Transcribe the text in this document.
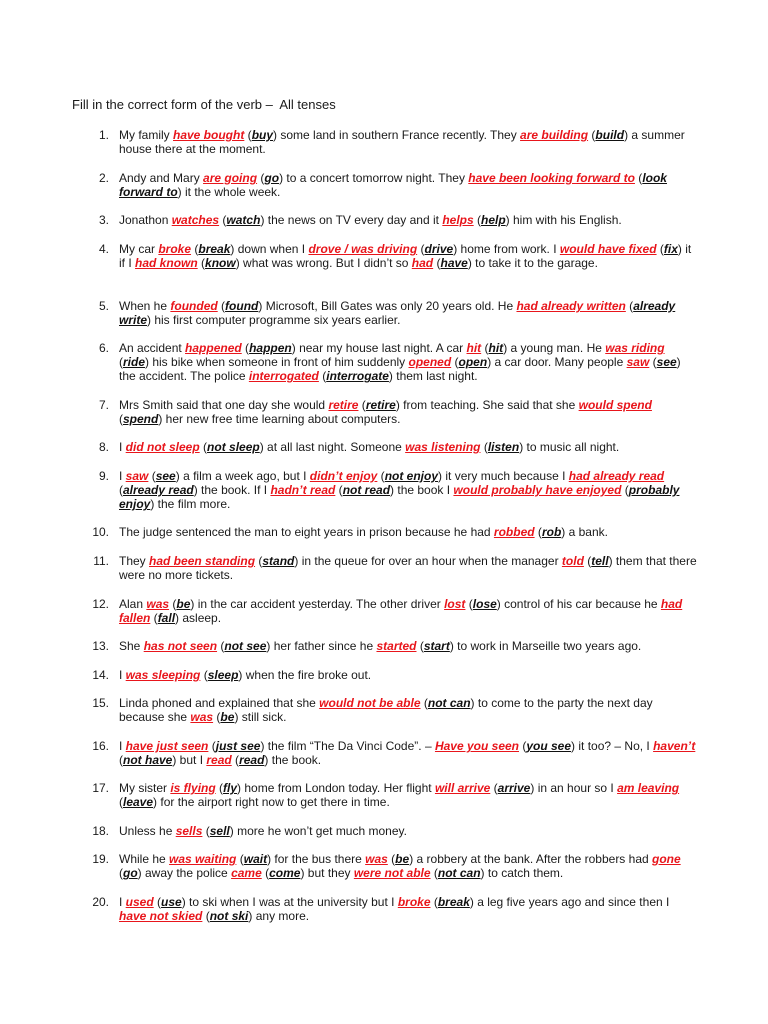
Fill in the correct form of the verb –  All tenses
1. My family have bought (buy) some land in southern France recently. They are building (build) a summer house there at the moment.
2. Andy and Mary are going (go) to a concert tomorrow night. They have been looking forward to (look forward to) it the whole week.
3. Jonathon watches (watch) the news on TV every day and it helps (help) him with his English.
4. My car broke (break) down when I drove / was driving (drive) home from work. I would have fixed (fix) it if I had known (know) what was wrong. But I didn’t so had (have) to take it to the garage.
5. When he founded (found) Microsoft, Bill Gates was only 20 years old. He had already written (already write) his first computer programme six years earlier.
6. An accident happened (happen) near my house last night. A car hit (hit) a young man. He was riding (ride) his bike when someone in front of him suddenly opened (open) a car door. Many people saw (see) the accident. The police interrogated (interrogate) them last night.
7. Mrs Smith said that one day she would retire (retire) from teaching. She said that she would spend (spend) her new free time learning about computers.
8. I did not sleep (not sleep) at all last night. Someone was listening (listen) to music all night.
9. I saw (see) a film a week ago, but I didn’t enjoy (not enjoy) it very much because I had already read (already read) the book. If I hadn’t read (not read) the book I would probably have enjoyed (probably enjoy) the film more.
10. The judge sentenced the man to eight years in prison because he had robbed (rob) a bank.
11. They had been standing (stand) in the queue for over an hour when the manager told (tell) them that there were no more tickets.
12. Alan was (be) in the car accident yesterday. The other driver lost (lose) control of his car because he had fallen (fall) asleep.
13. She has not seen (not see) her father since he started (start) to work in Marseille two years ago.
14. I was sleeping (sleep) when the fire broke out.
15. Linda phoned and explained that she would not be able (not can) to come to the party the next day because she was (be) still sick.
16. I have just seen (just see) the film “The Da Vinci Code”. – Have you seen (you see) it too? – No, I haven’t (not have) but I read (read) the book.
17. My sister is flying (fly) home from London today. Her flight will arrive (arrive) in an hour so I am leaving (leave) for the airport right now to get there in time.
18. Unless he sells (sell) more he won’t get much money.
19. While he was waiting (wait) for the bus there was (be) a robbery at the bank. After the robbers had gone (go) away the police came (come) but they were not able (not can) to catch them.
20. I used (use) to ski when I was at the university but I broke (break) a leg five years ago and since then I have not skied (not ski) any more.
